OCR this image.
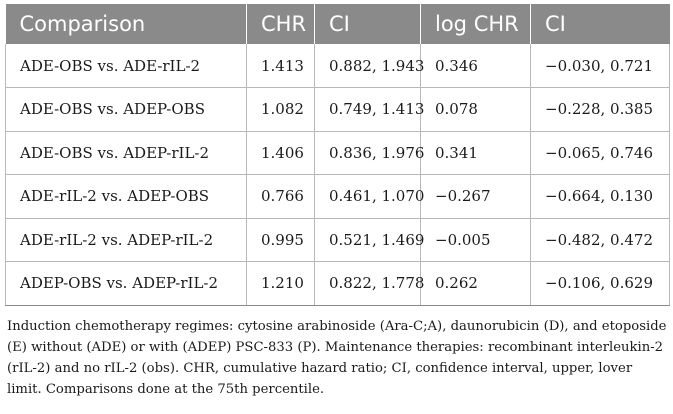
Comparison	CHR	CI	log CHR	CI
ADE-OBS vs. ADE-rIL-2	1.413	0.882, 1.943	0.346	−0.030, 0.721
ADE-OBS vs. ADEP-OBS	1.082	0.749, 1.413	0.078	−0.228, 0.385
ADE-OBS vs. ADEP-rIL-2	1.406	0.836, 1.976	0.341	−0.065, 0.746
ADE-rIL-2 vs. ADEP-OBS	0.766	0.461, 1.070	−0.267	−0.664, 0.130
ADE-rIL-2 vs. ADEP-rIL-2	0.995	0.521, 1.469	−0.005	−0.482, 0.472
ADEP-OBS vs. ADEP-rIL-2	1.210	0.822, 1.778	0.262	−0.106, 0.629

Induction chemotherapy regimes: cytosine arabinoside (Ara-C;A), daunorubicin (D), and etoposide (E) without (ADE) or with (ADEP) PSC-833 (P). Maintenance therapies: recombinant interleukin-2 (rIL-2) and no rIL-2 (obs). CHR, cumulative hazard ratio; CI, confidence interval, upper, lover limit. Comparisons done at the 75th percentile.
